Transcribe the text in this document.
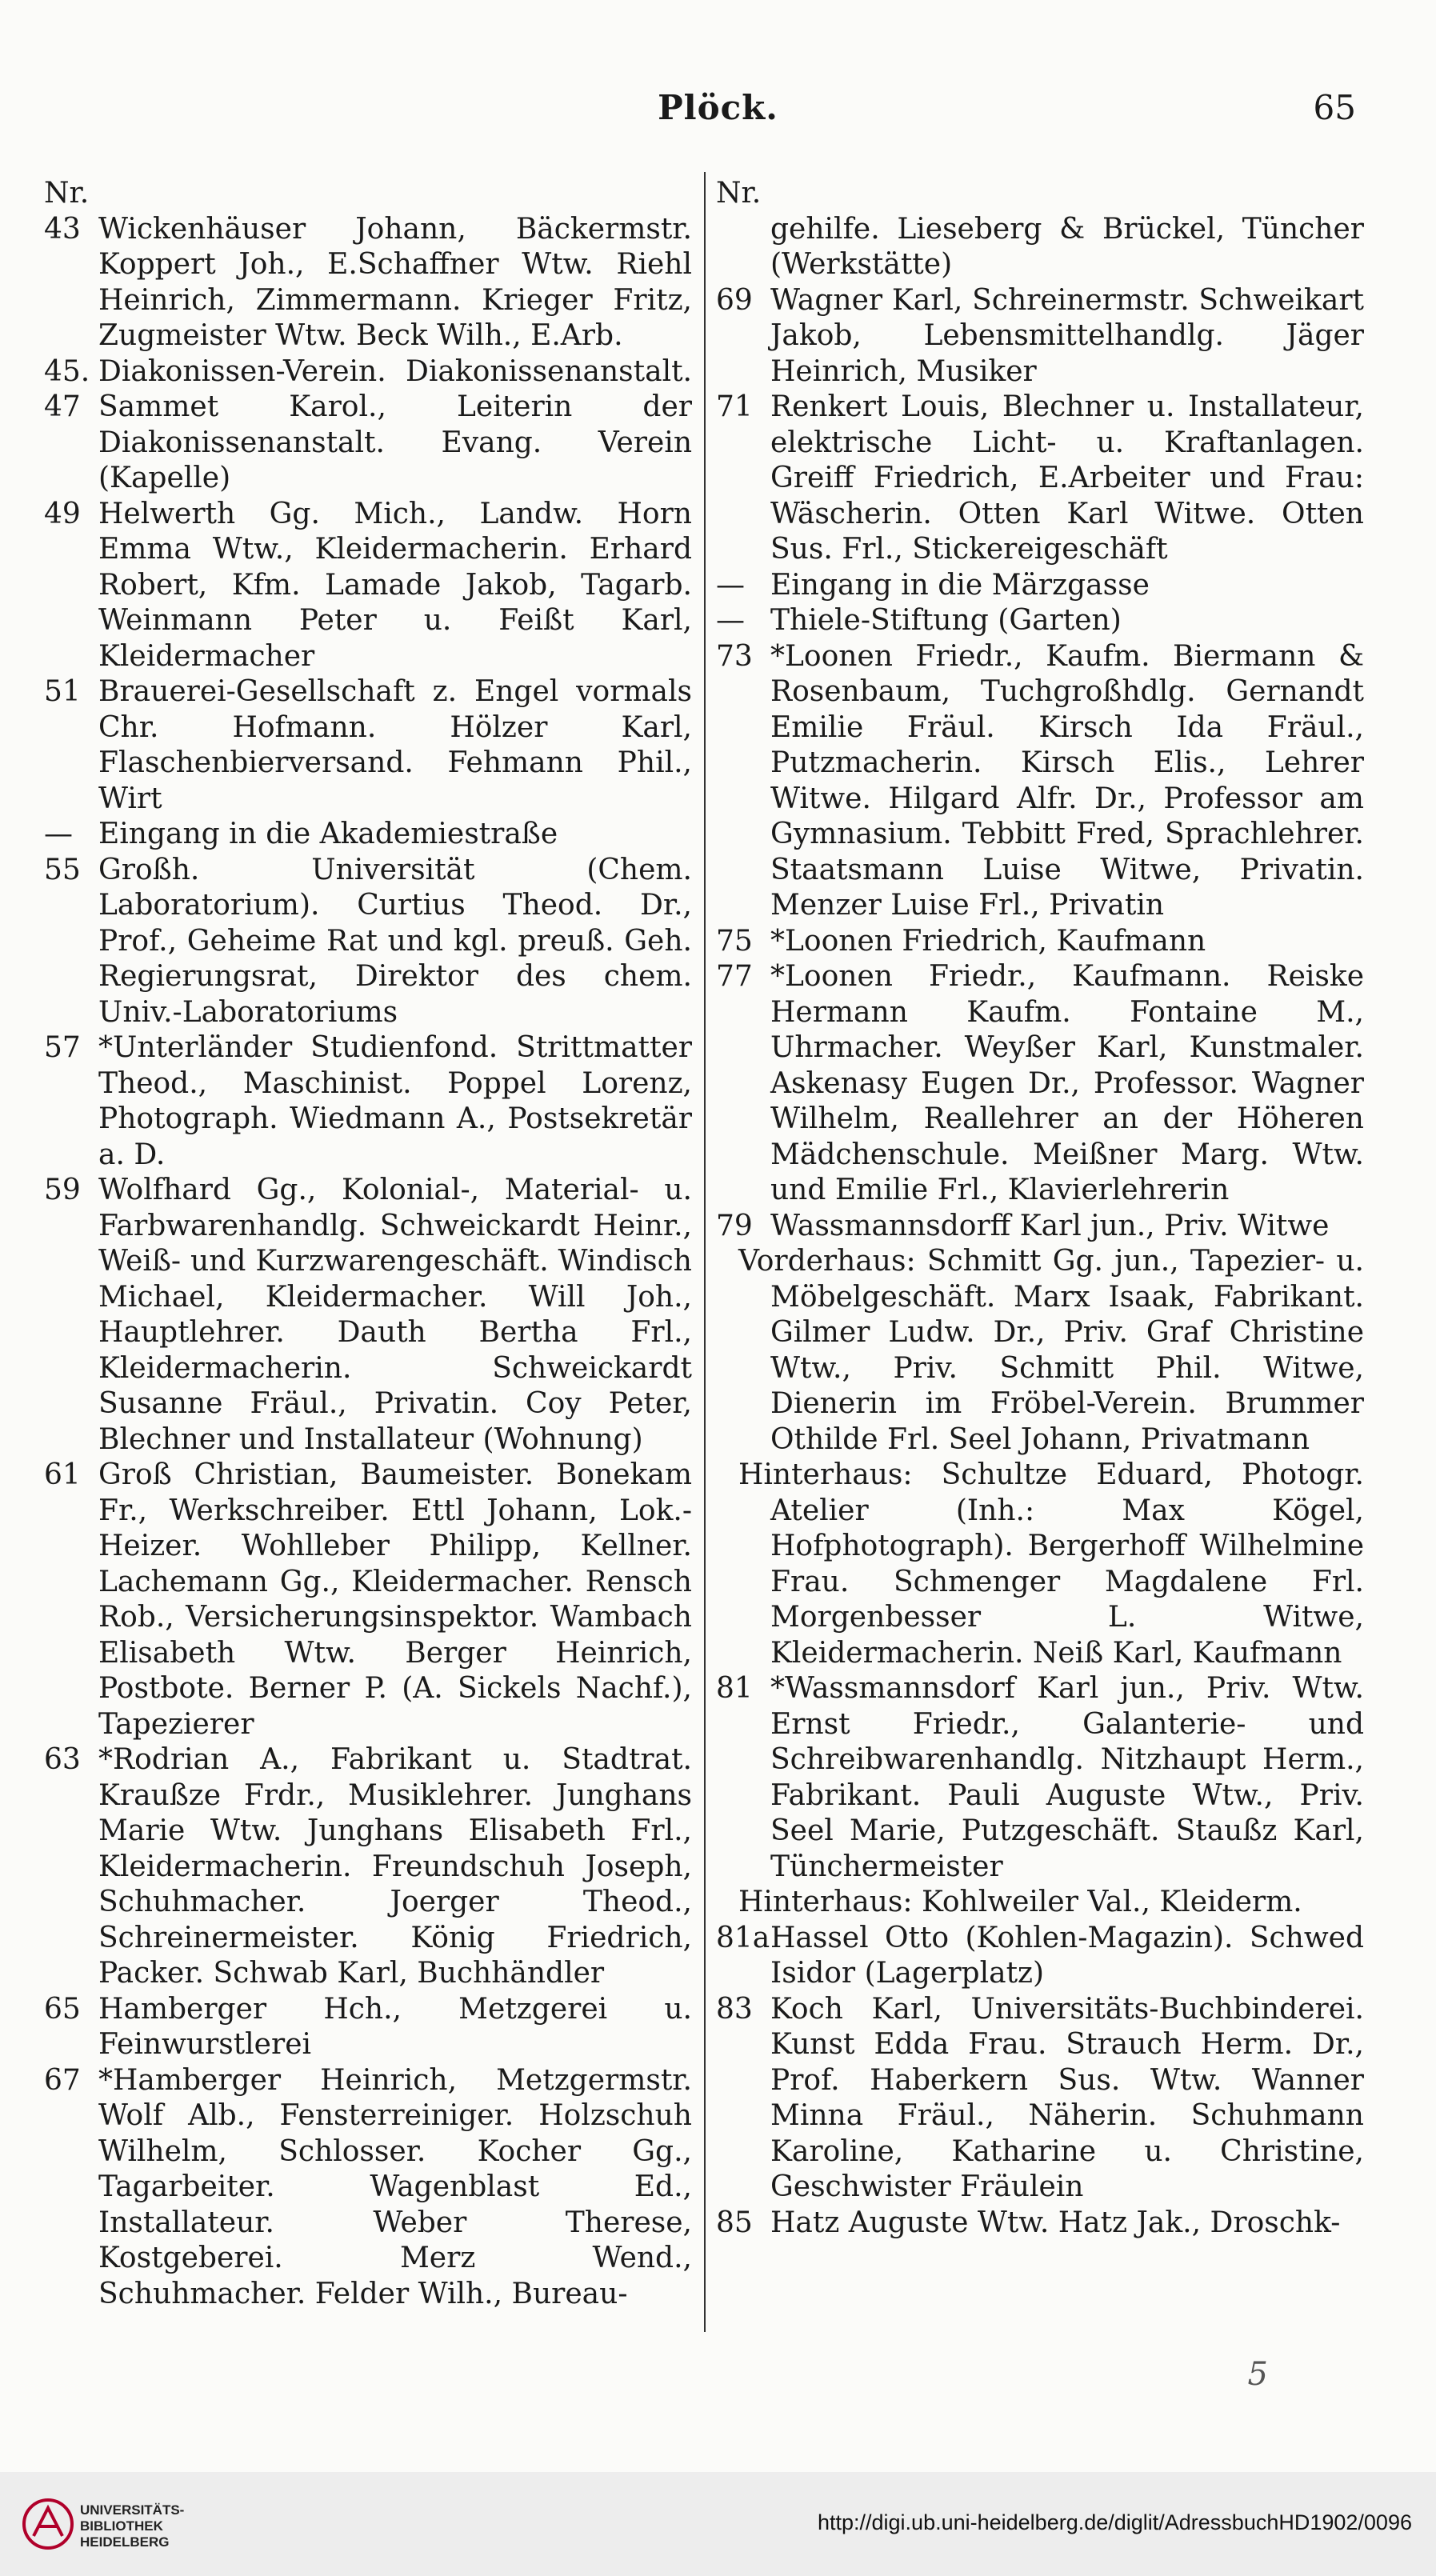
Plöck.	65
Nr.
43 Wickenhäuser Johann, Bäckermstr. Koppert Joh., E.Schaffner Wtw. Riehl Heinrich, Zimmermann. Krieger Fritz, Zugmeister Wtw. Beck Wilh., E.Arb.
45. 47
Diakonissen-Verein. Diakonissenanstalt. Sammet Karol., Leiterin der Diakonissenanstalt. Evang. Verein (Kapelle)
49 Helwerth Gg. Mich., Landw. Horn Emma Wtw., Kleidermacherin. Erhard Robert, Kfm. Lamade Jakob, Tagarb. Weinmann Peter u. Feißt Karl, Kleidermacher
51 Brauerei-Gesellschaft z. Engel vormals Chr. Hofmann. Hölzer Karl, Flaschenbierversand. Fehmann Phil., Wirt
— Eingang in die Akademiestraße
55 Großh. Universität (Chem. Laboratorium). Curtius Theod. Dr., Prof., Geheime Rat und kgl. preuß. Geh. Regierungsrat, Direktor des chem. Univ.-Laboratoriums
57 *Unterländer Studienfond. Strittmatter Theod., Maschinist. Poppel Lorenz, Photograph. Wiedmann A., Postsekretär a. D.
59 Wolfhard Gg., Kolonial-, Material- u. Farbwarenhandlg. Schweickardt Heinr., Weiß- und Kurzwarengeschäft. Windisch Michael, Kleidermacher. Will Joh., Hauptlehrer. Dauth Bertha Frl., Kleidermacherin. Schweickardt Susanne Fräul., Privatin. Coy Peter, Blechner und Installateur (Wohnung)
61 Groß Christian, Baumeister. Bonekam Fr., Werkschreiber. Ettl Johann, Lok.-Heizer. Wohlleber Philipp, Kellner. Lachemann Gg., Kleidermacher. Rensch Rob., Versicherungsinspektor. Wambach Elisabeth Wtw. Berger Heinrich, Postbote. Berner P. (A. Sickels Nachf.), Tapezierer
63 *Rodrian A., Fabrikant u. Stadtrat. Kraußze Frdr., Musiklehrer. Junghans Marie Wtw. Junghans Elisabeth Frl., Kleidermacherin. Freundschuh Joseph, Schuhmacher. Joerger Theod., Schreinermeister. König Friedrich, Packer. Schwab Karl, Buchhändler
65 Hamberger Hch., Metzgerei u. Feinwurstlerei
67 *Hamberger Heinrich, Metzgermstr. Wolf Alb., Fensterreiniger. Holzschuh Wilhelm, Schlosser. Kocher Gg., Tagarbeiter. Wagenblast Ed., Installateur. Weber Therese, Kostgeberei. Merz Wend., Schuhmacher. Felder Wilh., Bureau-
Nr.
gehilfe. Lieseberg & Brückel, Tüncher (Werkstätte)
69 Wagner Karl, Schreinermstr. Schweikart Jakob, Lebensmittelhandlg. Jäger Heinrich, Musiker
71 Renkert Louis, Blechner u. Installateur, elektrische Licht- u. Kraftanlagen. Greiff Friedrich, E.Arbeiter und Frau: Wäscherin. Otten Karl Witwe. Otten Sus. Frl., Stickereigeschäft
— Eingang in die Märzgasse
— Thiele-Stiftung (Garten)
73 *Loonen Friedr., Kaufm. Biermann & Rosenbaum, Tuchgroßhdlg. Gernandt Emilie Fräul. Kirsch Ida Fräul., Putzmacherin. Kirsch Elis., Lehrer Witwe. Hilgard Alfr. Dr., Professor am Gymnasium. Tebbitt Fred, Sprachlehrer. Staatsmann Luise Witwe, Privatin. Menzer Luise Frl., Privatin
75 *Loonen Friedrich, Kaufmann
77 *Loonen Friedr., Kaufmann. Reiske Hermann Kaufm. Fontaine M., Uhrmacher. Weyßer Karl, Kunstmaler. Askenasy Eugen Dr., Professor. Wagner Wilhelm, Reallehrer an der Höheren Mädchenschule. Meißner Marg. Wtw. und Emilie Frl., Klavierlehrerin
79 Wassmannsdorff Karl jun., Priv. Witwe
Vorderhaus: Schmitt Gg. jun., Tapezier- u. Möbelgeschäft. Marx Isaak, Fabrikant. Gilmer Ludw. Dr., Priv. Graf Christine Wtw., Priv. Schmitt Phil. Witwe, Dienerin im Fröbel-Verein. Brummer Othilde Frl. Seel Johann, Privatmann
Hinterhaus: Schultze Eduard, Photogr. Atelier (Inh.: Max Kögel, Hofphotograph). Bergerhoff Wilhelmine Frau. Schmenger Magdalene Frl. Morgenbesser L. Witwe, Kleidermacherin. Neiß Karl, Kaufmann
81 *Wassmannsdorf Karl jun., Priv. Wtw. Ernst Friedr., Galanterie- und Schreibwarenhandlg. Nitzhaupt Herm., Fabrikant. Pauli Auguste Wtw., Priv. Seel Marie, Putzgeschäft. Staußz Karl, Tünchermeister
Hinterhaus: Kohlweiler Val., Kleiderm.
81a Hassel Otto (Kohlen-Magazin). Schwed Isidor (Lagerplatz)
83 Koch Karl, Universitäts-Buchbinderei. Kunst Edda Frau. Strauch Herm. Dr., Prof. Haberkern Sus. Wtw. Wanner Minna Fräul., Näherin. Schuhmann Karoline, Katharine u. Christine, Geschwister Fräulein
85 Hatz Auguste Wtw. Hatz Jak., Droschk-
5
UNIVERSITÄTS-
BIBLIOTHEK
HEIDELBERG
http://digi.ub.uni-heidelberg.de/diglit/AdressbuchHD1902/0096
